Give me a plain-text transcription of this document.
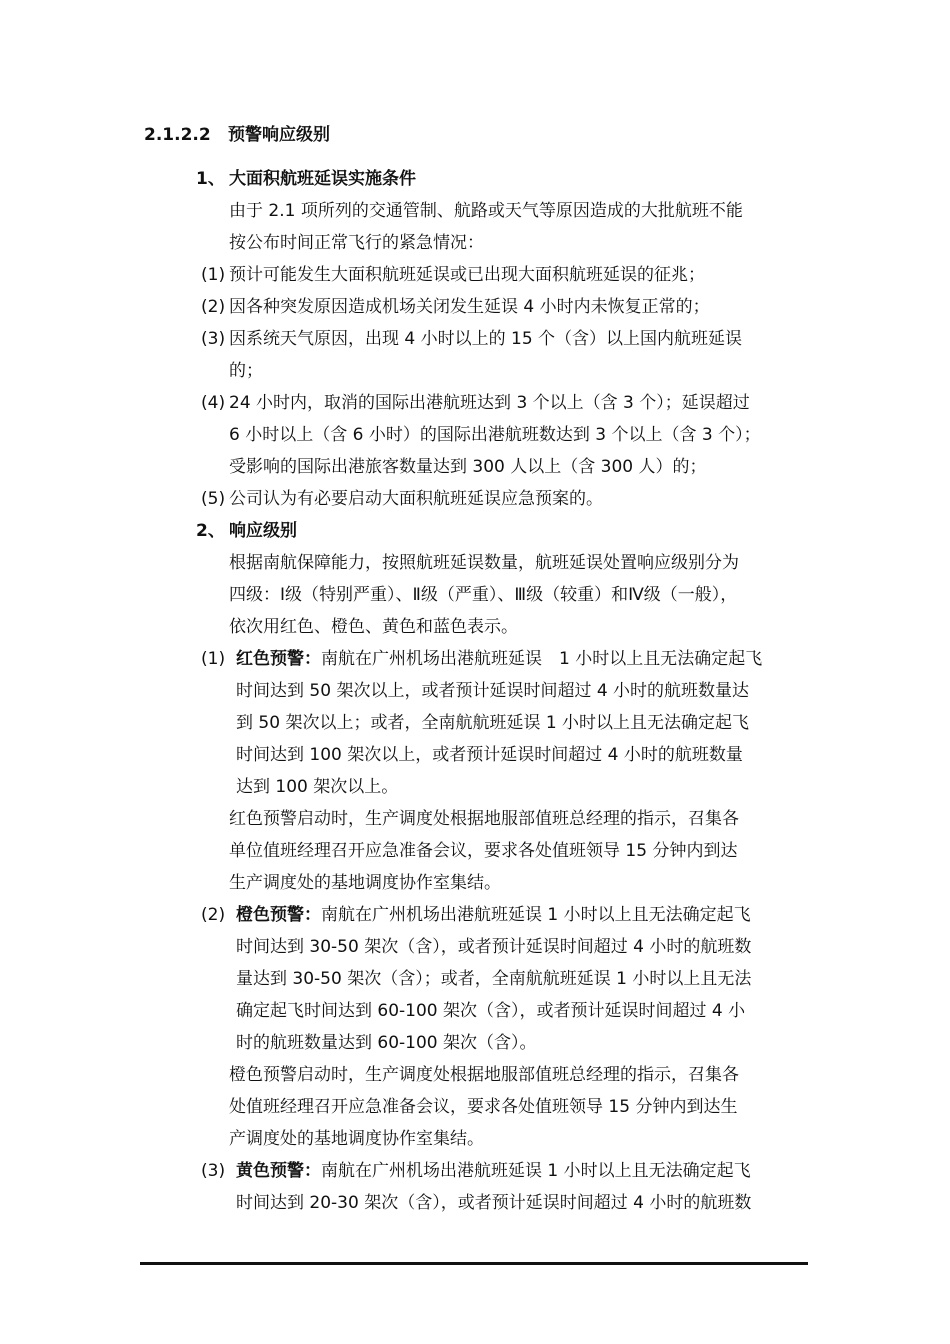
2.1.2.2 预警响应级别
1、 大面积航班延误实施条件
由于 2.1 项所列的交通管制、航路或天气等原因造成的大批航班不能
按公布时间正常飞行的紧急情况：
(1) 预计可能发生大面积航班延误或已出现大面积航班延误的征兆；
(2) 因各种突发原因造成机场关闭发生延误 4 小时内未恢复正常的；
(3) 因系统天气原因，出现 4 小时以上的 15 个（含）以上国内航班延误
的；
(4) 24 小时内，取消的国际出港航班达到 3 个以上（含 3 个）；延误超过
6 小时以上（含 6 小时）的国际出港航班数达到 3 个以上（含 3 个）；
受影响的国际出港旅客数量达到 300 人以上（含 300 人）的；
(5) 公司认为有必要启动大面积航班延误应急预案的。
2、 响应级别
根据南航保障能力，按照航班延误数量，航班延误处置响应级别分为
四级：Ⅰ级（特别严重）、Ⅱ级（严重）、Ⅲ级（较重）和Ⅳ级（一般），
依次用红色、橙色、黄色和蓝色表示。
(1) 红色预警：南航在广州机场出港航班延误　1 小时以上且无法确定起飞
时间达到 50 架次以上，或者预计延误时间超过 4 小时的航班数量达
到 50 架次以上；或者，全南航航班延误 1 小时以上且无法确定起飞
时间达到 100 架次以上，或者预计延误时间超过 4 小时的航班数量
达到 100 架次以上。
红色预警启动时，生产调度处根据地服部值班总经理的指示，召集各
单位值班经理召开应急准备会议，要求各处值班领导 15 分钟内到达
生产调度处的基地调度协作室集结。
(2) 橙色预警：南航在广州机场出港航班延误 1 小时以上且无法确定起飞
时间达到 30-50 架次（含），或者预计延误时间超过 4 小时的航班数
量达到 30-50 架次（含）；或者，全南航航班延误 1 小时以上且无法
确定起飞时间达到 60-100 架次（含），或者预计延误时间超过 4 小
时的航班数量达到 60-100 架次（含）。
橙色预警启动时，生产调度处根据地服部值班总经理的指示，召集各
处值班经理召开应急准备会议，要求各处值班领导 15 分钟内到达生
产调度处的基地调度协作室集结。
(3) 黄色预警：南航在广州机场出港航班延误 1 小时以上且无法确定起飞
时间达到 20-30 架次（含），或者预计延误时间超过 4 小时的航班数
